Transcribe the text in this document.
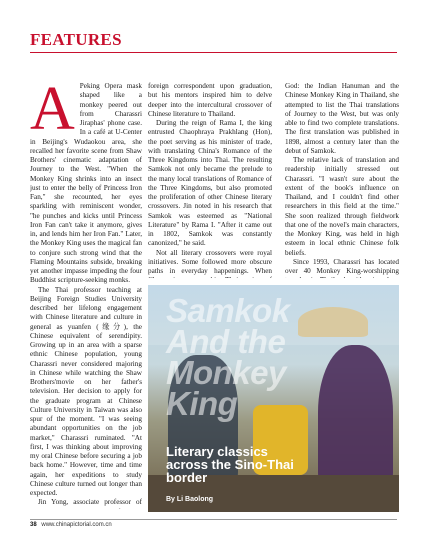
FEATURES
A Peking Opera mask shaped like a monkey peered out from Charassri Jiraphas' phone case. In a café at U-Center in Beijing's Wudaokou area, she recalled her favorite scene from Shaw Brothers' cinematic adaptation of Journey to the West. "When the Monkey King shrinks into an insect just to enter the belly of Princess Iron Fan," she recounted, her eyes sparkling with reminiscent wonder, "he punches and kicks until Princess Iron Fan can't take it anymore, gives in, and lends him her Iron Fan." Later, the Monkey King uses the magical fan to conjure such strong wind that the Flaming Mountains subside, breaking yet another impasse impeding the four Buddhist scripture-seeking monks.

The Thai professor teaching at Beijing Foreign Studies University described her lifelong engagement with Chinese literature and culture in general as yuanfen (缘分), the Chinese equivalent of serendipity. Growing up in an area with a sparse ethnic Chinese population, young Charassri never considered majoring in Chinese while watching the Shaw Brothers'movie on her father's television. Her decision to apply for the graduate program at Chinese Culture University in Taiwan was also spur of the moment. "I was seeing abundant opportunities on the job market," Charassri ruminated. "At first, I was thinking about improving my oral Chinese before securing a job back home." However, time and time again, her expeditions to study Chinese culture turned out longer than expected.

Jin Yong, associate professor of

foreign correspondent upon graduation, but his mentors inspired him to delve deeper into the intercultural crossover of Chinese literature to Thailand.

During the reign of Rama I, the king entrusted Chaophraya Prakhlang (Hon), the poet serving as his minister of trade, with translating China's Romance of the Three Kingdoms into Thai. The resulting Samkok not only became the prelude to the many local translations of Romance of the Three Kingdoms, but also promoted the proliferation of other Chinese literary crossovers. Jin noted in his research that Samkok was esteemed as "National Literature" by Rama I. "After it came out in 1802, Samkok was constantly canonized," he said.

Not all literary crossovers were royal initiatives. Some followed more obscure paths in everyday happenings. When

God: the Indian Hanuman and the Chinese Monkey King in Thailand, she attempted to list the Thai translations of Journey to the West, but was only able to find two complete translations. The first translation was published in 1898, almost a century later than the debut of Samkok.

The relative lack of translation and readership initially stressed out Charassri. "I wasn't sure about the extent of the book's influence on Thailand, and I couldn't find other researchers in this field at the time." She soon realized through fieldwork that one of the novel's main characters, the Monkey King, was held in high esteem in local ethnic Chinese folk beliefs.

Since 1993, Charassri has located over 40 Monkey King-worshipping

Samkok And the Monkey King
Literary classics across the Sino-Thai border
By Li Baolong
38 www.chinapictorial.com.cn
